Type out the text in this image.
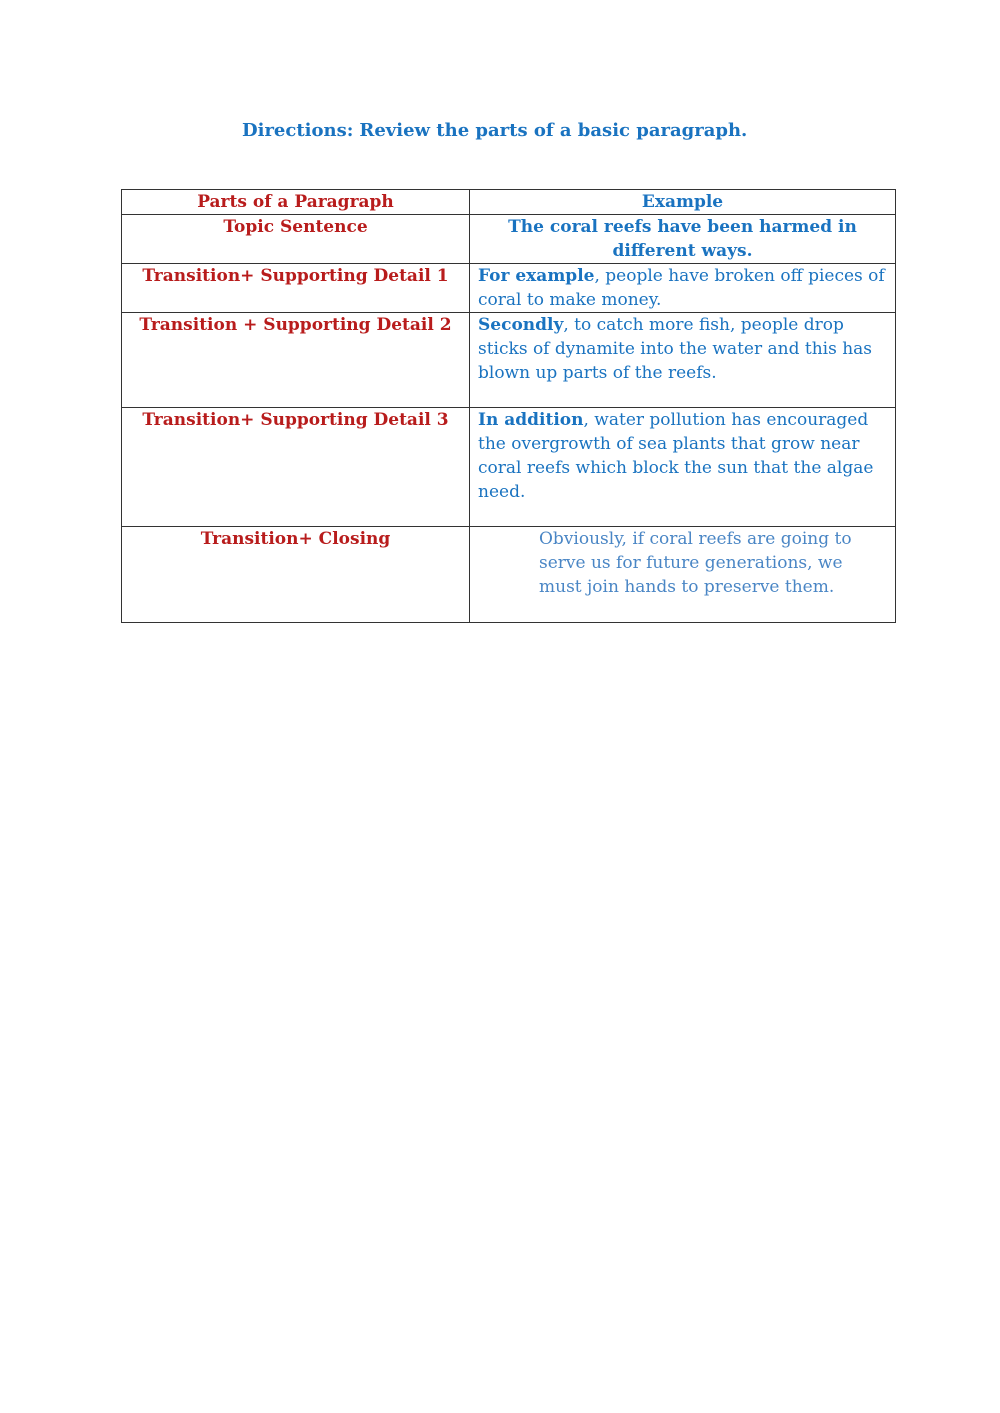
Directions: Review the parts of a basic paragraph.
Parts of a Paragraph	Example
Topic Sentence	The coral reefs have been harmed in different ways.
Transition+ Supporting Detail 1	For example, people have broken off pieces of coral to make money.
Transition + Supporting Detail 2	Secondly, to catch more fish, people drop sticks of dynamite into the water and this has blown up parts of the reefs.
Transition+ Supporting Detail 3	In addition, water pollution has encouraged the overgrowth of sea plants that grow near coral reefs which block the sun that the algae need.
Transition+ Closing	Obviously, if coral reefs are going to serve us for future generations, we must join hands to preserve them.
